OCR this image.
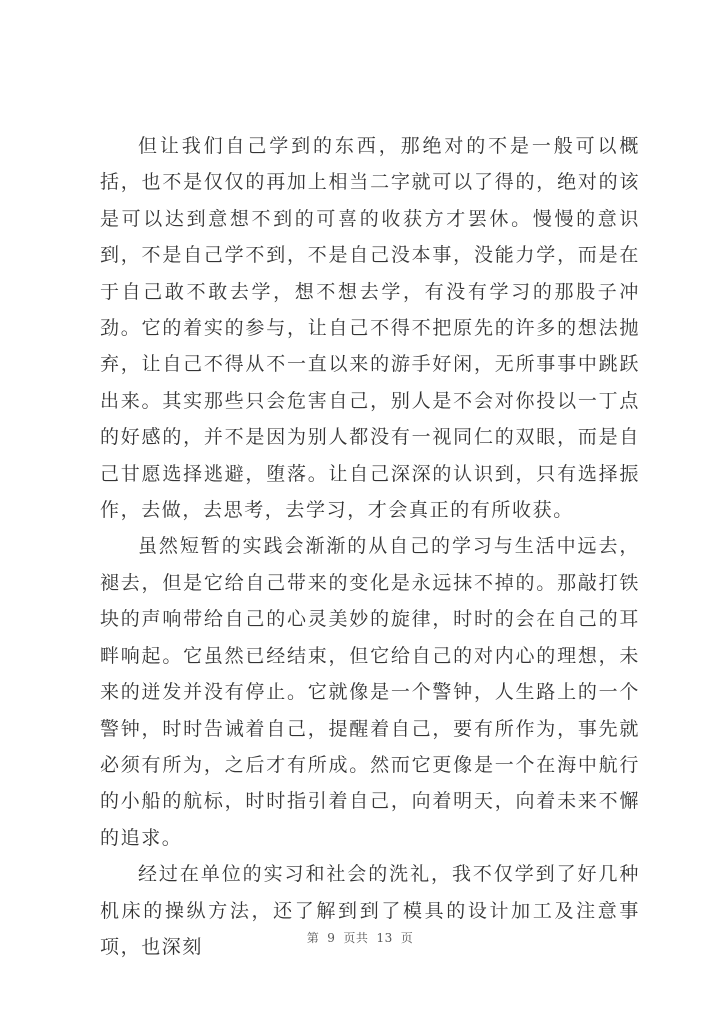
但让我们自己学到的东西，那绝对的不是一般可以概括，也不是仅仅的再加上相当二字就可以了得的，绝对的该是可以达到意想不到的可喜的收获方才罢休。慢慢的意识到，不是自己学不到，不是自己没本事，没能力学，而是在于自己敢不敢去学，想不想去学，有没有学习的那股子冲劲。它的着实的参与，让自己不得不把原先的许多的想法抛弃，让自己不得从不一直以来的游手好闲，无所事事中跳跃出来。其实那些只会危害自己，别人是不会对你投以一丁点的好感的，并不是因为别人都没有一视同仁的双眼，而是自己甘愿选择逃避，堕落。让自己深深的认识到，只有选择振作，去做，去思考，去学习，才会真正的有所收获。

虽然短暂的实践会渐渐的从自己的学习与生活中远去，褪去，但是它给自己带来的变化是永远抹不掉的。那敲打铁块的声响带给自己的心灵美妙的旋律，时时的会在自己的耳畔响起。它虽然已经结束，但它给自己的对内心的理想，未来的迸发并没有停止。它就像是一个警钟，人生路上的一个警钟，时时告诫着自己，提醒着自己，要有所作为，事先就必须有所为，之后才有所成。然而它更像是一个在海中航行的小船的航标，时时指引着自己，向着明天，向着未来不懈的追求。

经过在单位的实习和社会的洗礼，我不仅学到了好几种机床的操纵方法，还了解到到了模具的设计加工及注意事项，也深刻	第 9 页共 13 页
